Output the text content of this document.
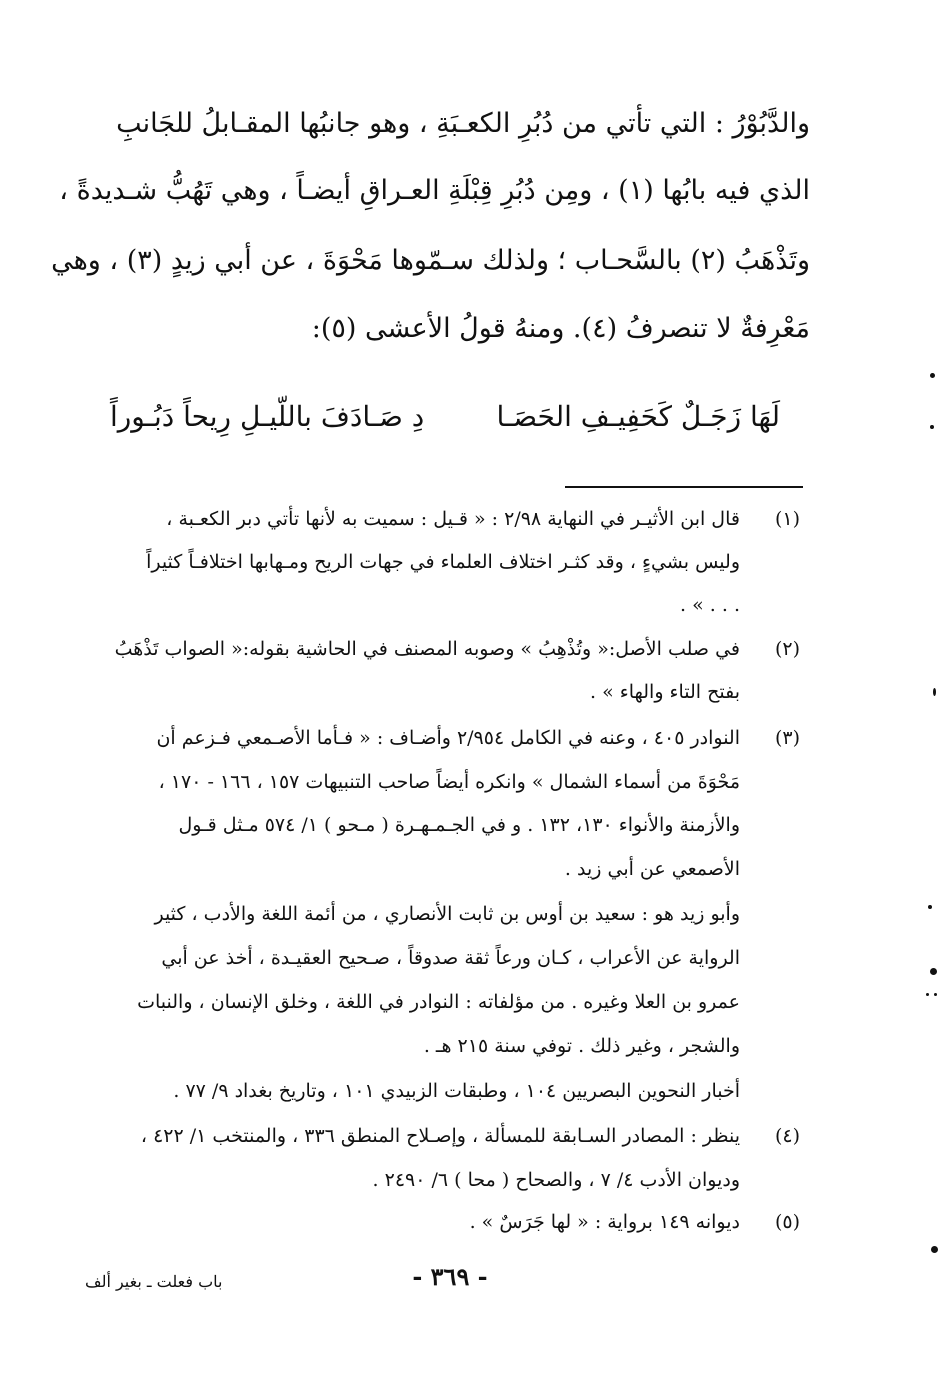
والدَّبُوْرُ : التي تأتي من دُبُرِ الكعـبَةِ ، وهو جانبُها المقـابلُ للجَانبِ
الذي فيه بابُها (١) ، ومِن دُبُرِ قِبْلَةِ العـراقِ أيضـاً ، وهي تَهُبُّ شـديدةً ،
وتَذْهَبُ (٢) بالسَّحـاب ؛ ولذلك سـمّوها مَحْوَةَ ، عن أبي زيدٍ (٣) ، وهي
مَعْرِفةٌ لا تنصرفُ (٤). ومنهُ قولُ الأعشى (٥):
لَهَا زَجَـلٌ كَحَفِيـفِ الحَصَـا
دِ صَـادَفَ باللّيـلِ رِيحاً دَبُـوراً
(١)
قال ابن الأثيـر في النهاية ٢/٩٨ : « قـيل : سميت به لأنها تأتي دبر الكعـبة ،
وليس بشيءٍ ، وقد كثـر اختلاف العلماء في جهات الريح ومـهابها اختلافـاً كثيراً
. . . » .
(٢)
في صلب الأصل:« وتُذْهِبُ » وصوبه المصنف في الحاشية بقوله:« الصواب تَذْهَبُ
بفتح التاء والهاء » .
(٣)
النوادر ٤٠٥ ، وعنه في الكامل ٢/٩٥٤ وأضـاف : « فـأما الأصـمعي فـزعم أن
مَحْوَةَ من أسماء الشمال » وانكره أيضاً صاحب التنبيهات ١٥٧ ، ١٦٦ - ١٧٠ ،
والأزمنة والأنواء ١٣٠، ١٣٢ . و في الجـمـهـرة ( مـحو ) ١/ ٥٧٤ مـثل قـول
الأصمعي عن أبي زيد .
وأبو زيد هو : سعيد بن أوس بن ثابت الأنصاري ، من أئمة اللغة والأدب ، كثير
الرواية عن الأعراب ، كـان ورعاً ثقة صدوقاً ، صـحيح العقيـدة ، أخذ عن أبي
عمرو بن العلا وغيره . من مؤلفاته : النوادر في اللغة ، وخلق الإنسان ، والنبات
والشجر ، وغير ذلك . توفي سنة ٢١٥ هـ .
أخبار النحوين البصريين ١٠٤ ، وطبقات الزبيدي ١٠١ ، وتاريخ بغداد ٩/ ٧٧ .
(٤)
ينظر : المصادر السـابقة للمسألة ، وإصـلاح المنطق ٣٣٦ ، والمنتخب ١/ ٤٢٢ ،
وديوان الأدب ٤/ ٧ ، والصحاح ( محا ) ٦/ ٢٤٩٠ .
(٥)
ديوانه ١٤٩ برواية : « لها جَرَسٌ » .
- ٣٦٩ -
باب فعلت ـ بغير ألف
